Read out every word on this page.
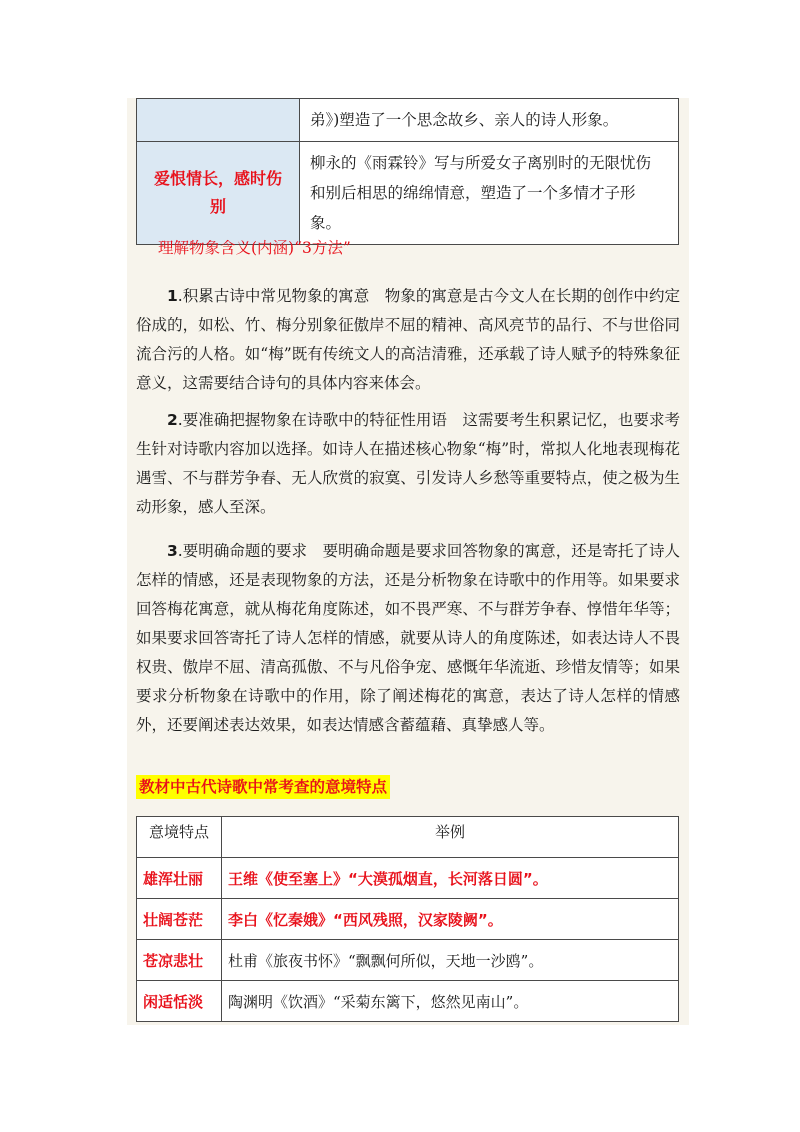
	弟》)塑造了一个思念故乡、亲人的诗人形象。

爱恨情长，感时伤别	柳永的《雨霖铃》写与所爱女子离别时的无限忧伤和别后相思的绵绵情意，塑造了一个多情才子形象。
理解物象含义(内涵)“3方法”
1.积累古诗中常见物象的寓意　物象的寓意是古今文人在长期的创作中约定俗成的，如松、竹、梅分别象征傲岸不屈的精神、高风亮节的品行、不与世俗同流合污的人格。如“梅”既有传统文人的高洁清雅，还承载了诗人赋予的特殊象征意义，这需要结合诗句的具体内容来体会。
2.要准确把握物象在诗歌中的特征性用语　这需要考生积累记忆，也要求考生针对诗歌内容加以选择。如诗人在描述核心物象“梅”时，常拟人化地表现梅花遇雪、不与群芳争春、无人欣赏的寂寞、引发诗人乡愁等重要特点，使之极为生动形象，感人至深。
3.要明确命题的要求　要明确命题是要求回答物象的寓意，还是寄托了诗人怎样的情感，还是表现物象的方法，还是分析物象在诗歌中的作用等。如果要求回答梅花寓意，就从梅花角度陈述，如不畏严寒、不与群芳争春、惇惜年华等；如果要求回答寄托了诗人怎样的情感，就要从诗人的角度陈述，如表达诗人不畏权贵、傲岸不屈、清高孤傲、不与凡俗争宠、感慨年华流逝、珍惜友情等；如果要求分析物象在诗歌中的作用，除了阐述梅花的寓意，表达了诗人怎样的情感外，还要阐述表达效果，如表达情感含蓄蕴藉、真挚感人等。
教材中古代诗歌中常考查的意境特点
意境特点	举例
雄浑壮丽	王维《使至塞上》“大漠孤烟直，长河落日圆”。
壮阔苍茫	李白《忆秦娥》“西风残照，汉家陵阙”。
苍凉悲壮	杜甫《旅夜书怀》“飘飘何所似，天地一沙鸥”。
闲适恬淡	陶渊明《饮酒》“采菊东篱下，悠然见南山”。
